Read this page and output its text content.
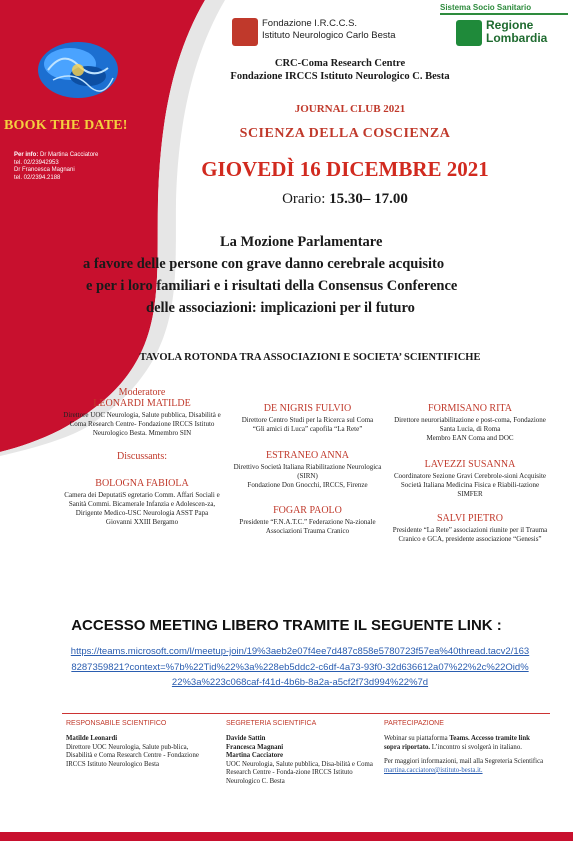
BOOK THE DATE!
Per info: Dr Martina Cacciatore
tel. 02/23942953
Dr Francesca Magnani
tel. 02/2394.2188
Fondazione I.R.C.C.S.
Istituto Neurologico Carlo Besta
Sistema Socio Sanitario
Regione
Lombardia
CRC-Coma Research Centre
Fondazione IRCCS Istituto Neurologico C. Besta
JOURNAL CLUB 2021
SCIENZA DELLA COSCIENZA
GIOVEDÌ 16 DICEMBRE 2021
Orario: 15.30– 17.00
La Mozione Parlamentare
a favore delle persone con grave danno cerebrale acquisito
e per i loro familiari e i risultati della Consensus Conference
delle associazioni: implicazioni per il futuro
TAVOLA ROTONDA TRA ASSOCIAZIONI E SOCIETA’ SCIENTIFICHE
Moderatore
LEONARDI MATILDE

Direttore UOC Neurologia, Salute pubblica, Disabilità e Coma Research Centre- Fondazione IRCCS Istituto Neurologico Besta. Mmembro SIN

Discussants:
BOLOGNA FABIOLA

Camera dei DeputatiS egretario Comm. Affari Sociali e Sanità Commi. Bicamerale Infanzia e Adolescen-za,

Dirigente Medico-USC Neurologia ASST Papa Giovanni XXIII Bergamo

DE NIGRIS FULVIO

Direttore Centro Studi per la Ricerca sul Coma

“Gli amici di Luca” capofila “La Rete”

ESTRANEO ANNA

Direttivo Società Italiana Riabilitazione Neurologica (SIRN)

Fondazione Don Gnocchi, IRCCS, Firenze

FOGAR PAOLO

Presidente “F.N.A.T.C.” Federazione Na-zionale Associazioni Trauma Cranico

FORMISANO RITA

Direttore neuroriabilitazione e post-coma, Fondazione Santa Lucia, di Roma

Membro EAN Coma and DOC

LAVEZZI SUSANNA

Coordinatore Sezione Gravi Cerebrole-sioni Acquisite

Società Italiana Medicina Fisica e Riabili-tazione SIMFER

SALVI PIETRO

Presidente “La Rete” associazioni riunite per il Trauma Cranico e GCA, presidente associazione “Genesis”

ACCESSO MEETING LIBERO TRAMITE IL SEGUENTE LINK :
https://teams.microsoft.com/l/meetup-join/19%3aeb2e07f4ee7d487c858e5780723f57ea%40thread.tacv2/1638287359821?context=%7b%22Tid%22%3a%228eb5ddc2-c6df-4a73-93f0-32d636612a07%22%2c%22Oid%22%3a%223c068caf-f41d-4b6b-8a2a-a5cf2f73d994%22%7d
RESPONSABILE SCIENTIFICO
Matilde Leonardi

Direttore UOC Neurologia, Salute pub-blica, Disabilità e Coma Research Centre - Fondazione IRCCS Istituto Neurologico Besta

SEGRETERIA SCIENTIFICA
Davide Sattin
Francesca Magnani
Martina Cacciatore

UOC Neurologia, Salute pubblica, Disa-bilità e Coma Research Centre - Fonda-zione IRCCS Istituto Neurologico C. Besta

PARTECIPAZIONE

Webinar su piattaforma Teams. Accesso tramite link sopra riportato. L’incontro si svolgerà in italiano.

Per maggiori informazioni, mail alla Segreteria Scientifica
martina.cacciatore@istituto-besta.it.
